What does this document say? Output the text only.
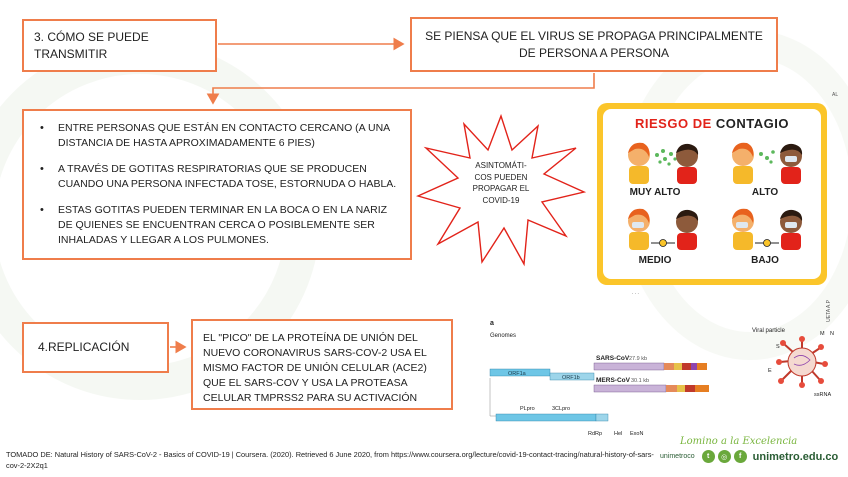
3. CÓMO SE PUEDE TRANSMITIR
SE PIENSA QUE EL VIRUS SE PROPAGA PRINCIPALMENTE DE PERSONA A PERSONA
• ENTRE PERSONAS QUE ESTÁN EN CONTACTO CERCANO (A UNA DISTANCIA DE HASTA APROXIMADAMENTE 6 PIES)
• A TRAVÉS DE GOTITAS RESPIRATORIAS QUE SE PRODUCEN CUANDO UNA PERSONA INFECTADA TOSE, ESTORNUDA O HABLA.
• ESTAS GOTITAS PUEDEN TERMINAR EN LA BOCA O EN LA NARIZ DE QUIENES SE ENCUENTRAN CERCA O POSIBLEMENTE SER INHALADAS Y LLEGAR A LOS PULMONES.
ASINTOMÁTI-
COS PUEDEN
PROPAGAR EL
COVID-19
RIESGO DE CONTAGIO
MUY ALTO	ALTO
MEDIO	BAJO
4.REPLICACIÓN
EL "PICO" DE LA PROTEÍNA DE UNIÓN DEL NUEVO CORONAVIRUS SARS-COV-2 USA EL MISMO FACTOR DE UNIÓN CELULAR (ACE2) QUE EL SARS-COV Y USA LA PROTEASA CELULAR TMPRSS2 PARA SU ACTIVACIÓN
a
Genomes
SARS-CoV 27.9 kb
MERS-CoV 30.1 kb
ORF1a
ORF1b
PLpro	3CLpro
RdRp Hel ExoN
Viral particle
E
S
M N
ssRNA
TOMADO DE: Natural History of SARS-CoV-2 - Basics of COVID-19 | Coursera. (2020). Retrieved 6 June 2020, from https://www.coursera.org/lecture/covid-19-contact-tracing/natural-history-of-sars-cov-2-2X2q1
Lomino a la Excelencia
unimetroco	t	◎	f	unimetro.edu.co
AL
UETA A.P
. . .
